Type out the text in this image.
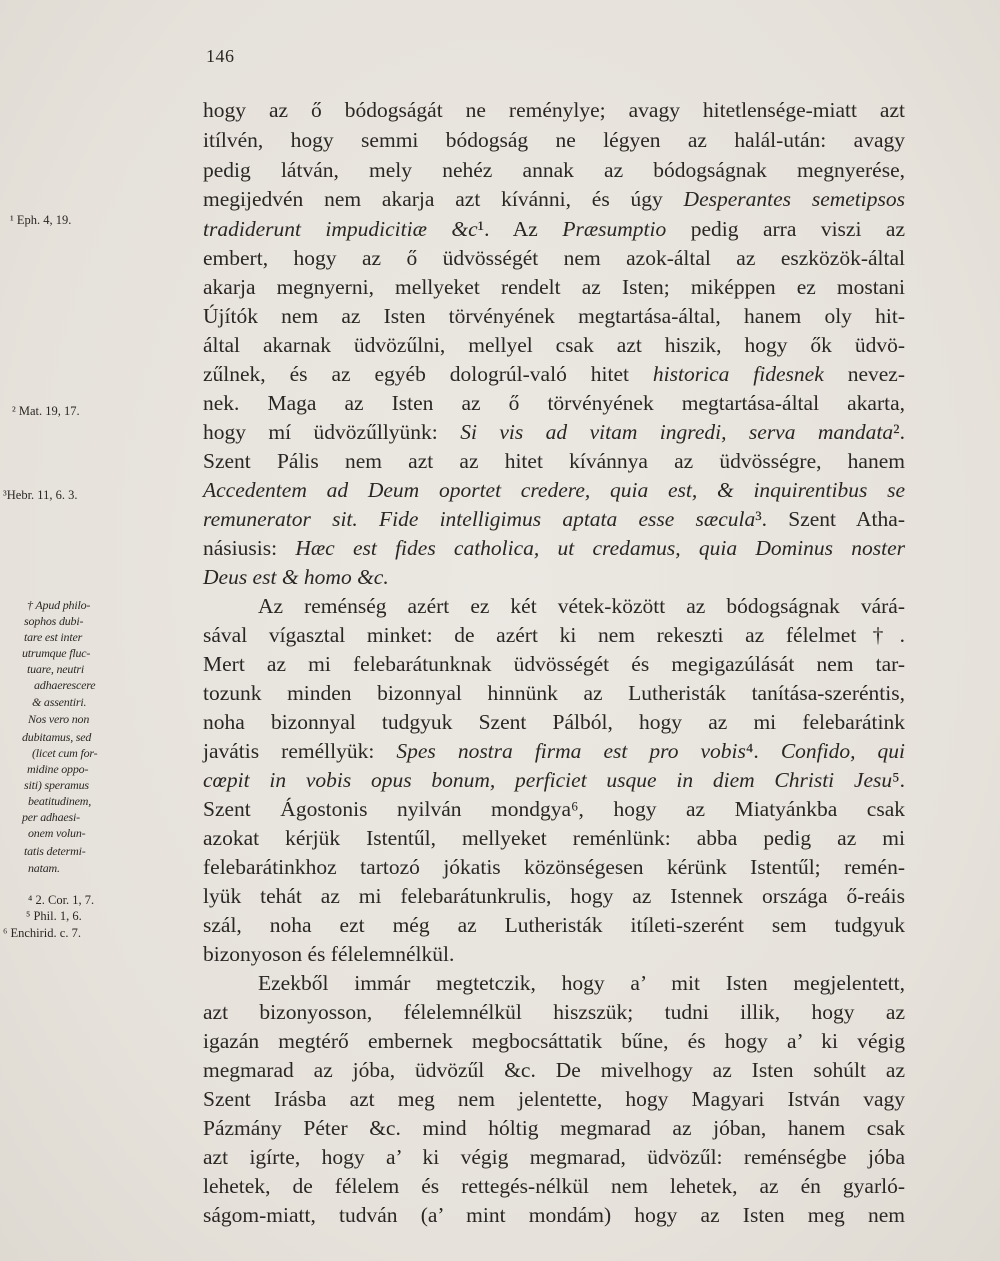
146
hogy az ő bódogságát ne reménylye; avagy hitetlensége-miatt azt
itílvén, hogy semmi bódogság ne légyen az halál-után: avagy
pedig látván, mely nehéz annak az bódogságnak megnyerése,
megijedvén nem akarja azt kívánni, és úgy Desperantes semetipsos
tradiderunt impudicitiæ &c¹. Az Præsumptio pedig arra viszi az
embert, hogy az ő üdvösségét nem azok-által az eszközök-által
akarja megnyerni, mellyeket rendelt az Isten; miképpen ez mostani
Újítók nem az Isten törvényének megtartása-által, hanem oly hit-
által akarnak üdvözűlni, mellyel csak azt hiszik, hogy ők üdvö-
zűlnek, és az egyéb dologrúl-való hitet historica fidesnek nevez-
nek. Maga az Isten az ő törvényének megtartása-által akarta,
hogy mí üdvözűllyünk: Si vis ad vitam ingredi, serva mandata².
Szent Pális nem azt az hitet kívánnya az üdvösségre, hanem
Accedentem ad Deum oportet credere, quia est, & inquirentibus se
remunerator sit. Fide intelligimus aptata esse sæcula³. Szent Atha-
násiusis: Hæc est fides catholica, ut credamus, quia Dominus noster
Deus est & homo &c.
Az reménség azért ez két vétek-között az bódogságnak várá-
sával vígasztal minket: de azért ki nem rekeszti az félelmet†.
Mert az mi felebarátunknak üdvösségét és megigazúlását nem tar-
tozunk minden bizonnyal hinnünk az Lutheristák tanítása-szeréntis,
noha bizonnyal tudgyuk Szent Pálból, hogy az mi felebarátink
javátis reméllyük: Spes nostra firma est pro vobis⁴. Confido, qui
cœpit in vobis opus bonum, perficiet usque in diem Christi Jesu⁵.
Szent Ágostonis nyilván mondgya⁶, hogy az Miatyánkba csak
azokat kérjük Istentűl, mellyeket reménlünk: abba pedig az mi
felebarátinkhoz tartozó jókatis közönségesen kérünk Istentűl; remén-
lyük tehát az mi felebarátunkrulis, hogy az Istennek országa ő-reáis
szál, noha ezt még az Lutheristák itíleti-szerént sem tudgyuk
bizonyoson és félelemnélkül.
Ezekből immár megtetczik, hogy a’ mit Isten megjelentett,
azt bizonyosson, félelemnélkül hiszszük; tudni illik, hogy az
igazán megtérő embernek megbocsáttatik bűne, és hogy a’ ki végig
megmarad az jóba, üdvözűl &c. De mivelhogy az Isten sohúlt az
Szent Irásba azt meg nem jelentette, hogy Magyari István vagy
Pázmány Péter &c. mind hóltig megmarad az jóban, hanem csak
azt igírte, hogy a’ ki végig megmarad, üdvözűl: reménségbe jóba
lehetek, de félelem és rettegés-nélkül nem lehetek, az én gyarló-
ságom-miatt, tudván (a’ mint mondám) hogy az Isten meg nem
¹ Eph. 4, 19.
² Mat. 19, 17.
³Hebr. 11, 6. 3.
† Apud philo-
sophos dubi-
tare est inter
utrumque fluc-
tuare, neutri
adhaerescere
& assentiri.
Nos vero non
dubitamus, sed
(licet cum for-
midine oppo-
siti) speramus
beatitudinem,
per adhaesi-
onem volun-
tatis determi-
natam.
⁴ 2. Cor. 1, 7.
⁵ Phil. 1, 6.
⁶ Enchirid. c. 7.
